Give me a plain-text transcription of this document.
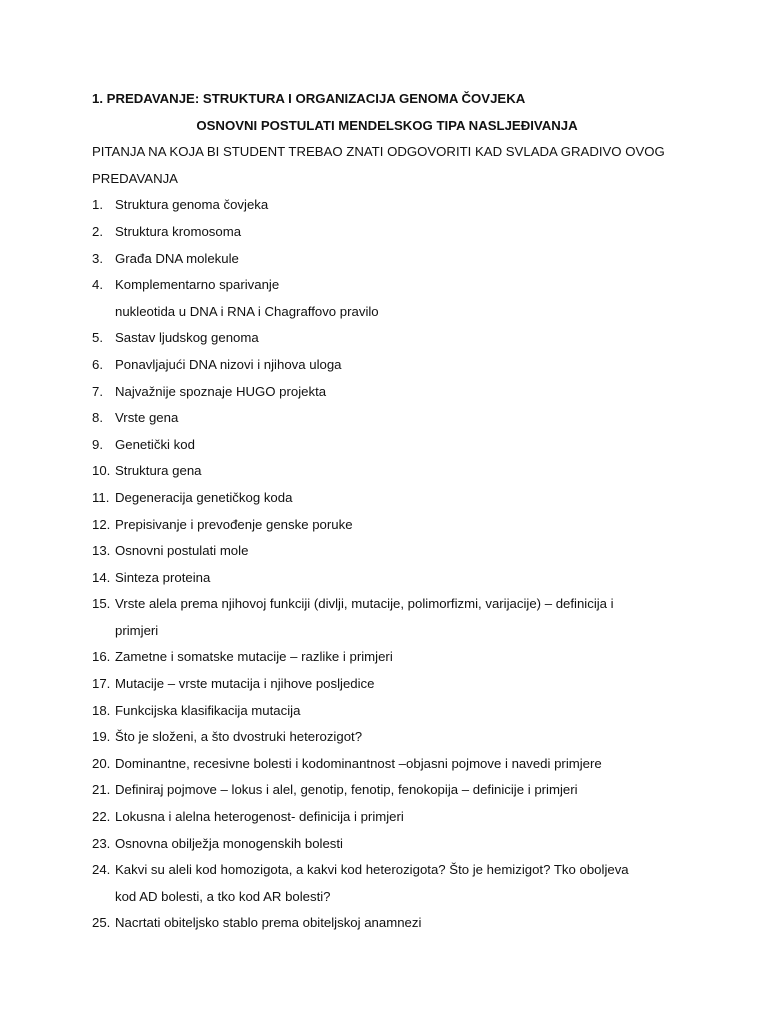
1. PREDAVANJE: STRUKTURA I ORGANIZACIJA GENOMA ČOVJEKA
OSNOVNI POSTULATI MENDELSKOG TIPA NASLJEĐIVANJA
PITANJA NA KOJA BI STUDENT TREBAO ZNATI ODGOVORITI KAD SVLADA GRADIVO OVOG
PREDAVANJA
1. Struktura genoma čovjeka
2. Struktura kromosoma
3. Građa DNA molekule
4. Komplementarno sparivanje
nukleotida u DNA i RNA i Chagraffovo pravilo
5. Sastav ljudskog genoma
6. Ponavljajući DNA nizovi i njihova uloga
7. Najvažnije spoznaje HUGO projekta
8. Vrste gena
9. Genetički kod
10. Struktura gena
11. Degeneracija genetičkog koda
12. Prepisivanje i prevođenje genske poruke
13. Osnovni postulati mole
14. Sinteza proteina
15. Vrste alela prema njihovoj funkciji (divlji, mutacije, polimorfizmi, varijacije) – definicija i
primjeri
16. Zametne i somatske mutacije – razlike i primjeri
17. Mutacije – vrste mutacija i njihove posljedice
18. Funkcijska klasifikacija mutacija
19. Što je složeni, a što dvostruki heterozigot?
20. Dominantne, recesivne bolesti i kodominantnost –objasni pojmove i navedi primjere
21. Definiraj pojmove – lokus i alel, genotip, fenotip, fenokopija – definicije i primjeri
22. Lokusna i alelna heterogenost- definicija i primjeri
23. Osnovna obilježja monogenskih bolesti
24. Kakvi su aleli kod homozigota, a kakvi kod heterozigota? Što je hemizigot? Tko oboljeva
kod AD bolesti, a tko kod AR bolesti?
25. Nacrtati obiteljsko stablo prema obiteljskoj anamnezi
